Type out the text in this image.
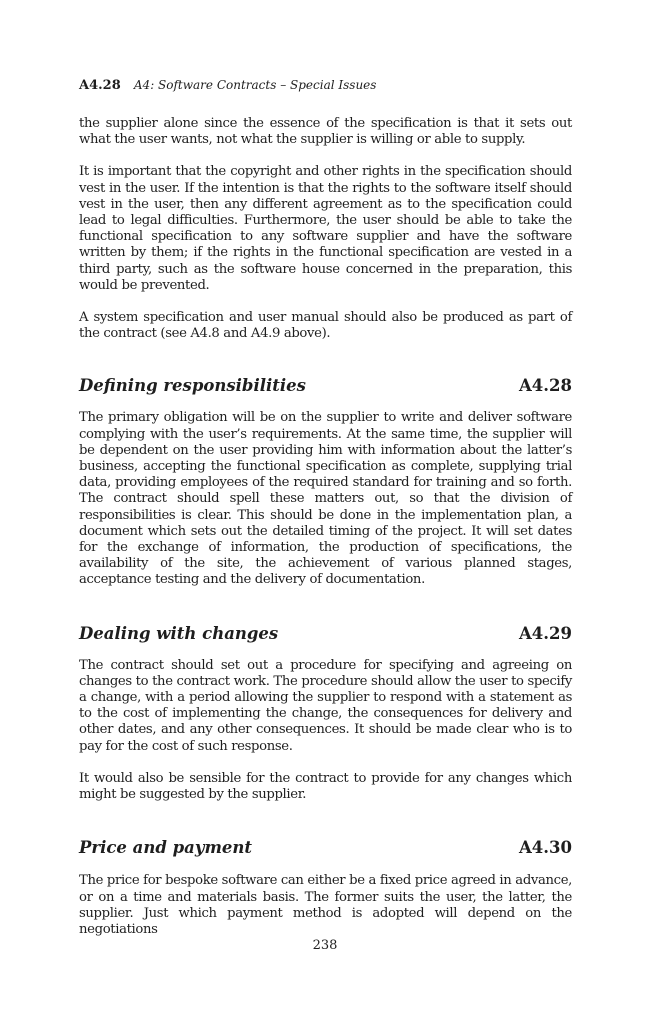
A4.28 A4: Software Contracts – Special Issues

the supplier alone since the essence of the specification is that it sets out what the user wants, not what the supplier is willing or able to supply.

It is important that the copyright and other rights in the specification should vest in the user. If the intention is that the rights to the software itself should vest in the user, then any different agreement as to the specification could lead to legal difficulties. Furthermore, the user should be able to take the functional specification to any software supplier and have the software written by them; if the rights in the functional specification are vested in a third party, such as the software house concerned in the preparation, this would be prevented.

A system specification and user manual should also be produced as part of the contract (see A4.8 and A4.9 above).

Defining responsibilities	A4.28

The primary obligation will be on the supplier to write and deliver software complying with the user’s requirements. At the same time, the supplier will be dependent on the user providing him with information about the latter’s business, accepting the functional specification as complete, supplying trial data, providing employees of the required standard for training and so forth. The contract should spell these matters out, so that the division of responsibilities is clear. This should be done in the implementation plan, a document which sets out the detailed timing of the project. It will set dates for the exchange of information, the production of specifications, the availability of the site, the achievement of various planned stages, acceptance testing and the delivery of documentation.

Dealing with changes	A4.29

The contract should set out a procedure for specifying and agreeing on changes to the contract work. The procedure should allow the user to specify a change, with a period allowing the supplier to respond with a statement as to the cost of implementing the change, the consequences for delivery and other dates, and any other consequences. It should be made clear who is to pay for the cost of such response.

It would also be sensible for the contract to provide for any changes which might be suggested by the supplier.

Price and payment	A4.30

The price for bespoke software can either be a fixed price agreed in advance, or on a time and materials basis. The former suits the user, the latter, the supplier. Just which payment method is adopted will depend on the negotiations

238
